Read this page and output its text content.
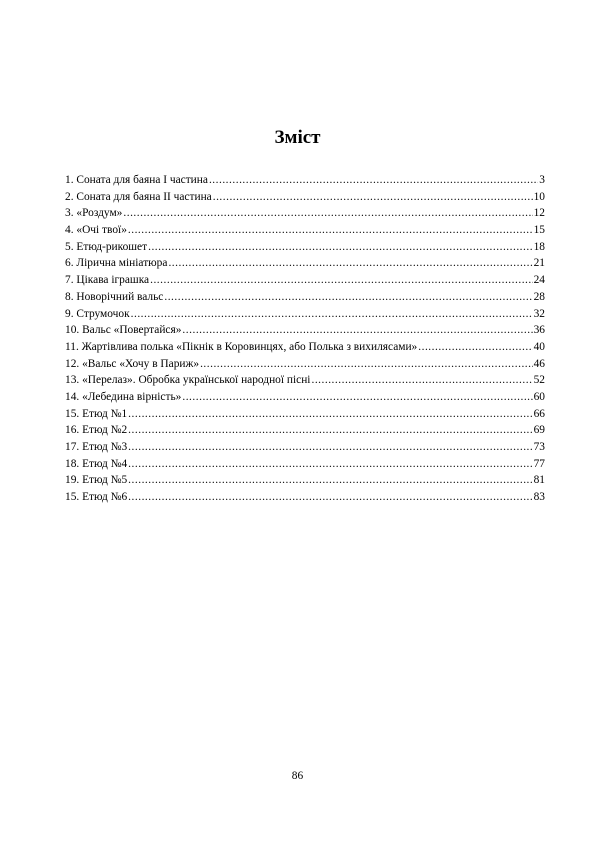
Зміст
1. Соната для баяна I частина .....	3
2. Соната для баяна II частина .....	10
3. «Роздум» .....	12
4. «Очі твої» .....	15
5. Етюд-рикошет .....	18
6. Лірична мініатюра .....	21
7. Цікава іграшка .....	24
8. Новорічний вальс .....	28
9. Струмочок .....	32
10. Вальс «Повертайся» .....	36
11. Жартівлива полька «Пікнік в Коровинцях, або Полька з вихилясами» .....	40
12. «Вальс «Хочу в Париж» .....	46
13. «Перелаз». Обробка української народної пісні .....	52
14. «Лебедина вірність» .....	60
15. Етюд №1 .....	66
16. Етюд №2 .....	69
17. Етюд №3 .....	73
18. Етюд №4 .....	77
19. Етюд №5 .....	81
15. Етюд №6 .....	83
86
